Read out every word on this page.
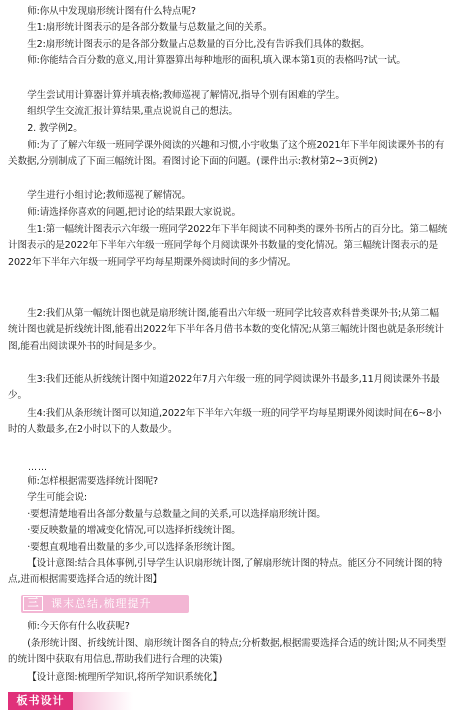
师:你从中发现扇形统计图有什么特点呢?
生1:扇形统计图表示的是各部分数量与总数量之间的关系。
生2:扇形统计图表示的是各部分数量占总数量的百分比,没有告诉我们具体的数据。
师:你能结合百分数的意义,用计算器算出每种地形的面积,填入课本第1页的表格吗?试一试。
学生尝试用计算器计算并填表格;教师巡视了解情况,指导个别有困难的学生。
组织学生交流汇报计算结果,重点说说自己的想法。
2. 教学例2。
师:为了了解六年级一班同学课外阅读的兴趣和习惯,小宇收集了这个班2021年下半年阅读课外书的有关数据,分别制成了下面三幅统计图。看图讨论下面的问题。(课件出示:教材第2~3页例2)
学生进行小组讨论;教师巡视了解情况。
师:请选择你喜欢的问题,把讨论的结果跟大家说说。
生1:第一幅统计图表示六年级一班同学2022年下半年阅读不同种类的课外书所占的百分比。第二幅统计图表示的是2022年下半年六年级一班同学每个月阅读课外书数量的变化情况。第三幅统计图表示的是2022年下半年六年级一班同学平均每星期课外阅读时间的多少情况。
生2:我们从第一幅统计图也就是扇形统计图,能看出六年级一班同学比较喜欢科普类课外书;从第二幅统计图也就是折线统计图,能看出2022年下半年各月借书本数的变化情况;从第三幅统计图也就是条形统计图,能看出阅读课外书的时间是多少。
生3:我们还能从折线统计图中知道2022年7月六年级一班的同学阅读课外书最多,11月阅读课外书最少。
生4:我们从条形统计图可以知道,2022年下半年六年级一班的同学平均每星期课外阅读时间在6~8小时的人数最多,在2小时以下的人数最少。
……
师:怎样根据需要选择统计图呢?
学生可能会说:
·要想清楚地看出各部分数量与总数量之间的关系,可以选择扇形统计图。
·要反映数量的增减变化情况,可以选择折线统计图。
·要想直观地看出数量的多少,可以选择条形统计图。
【设计意图:结合具体事例,引导学生认识扇形统计图,了解扇形统计图的特点。能区分不同统计图的特点,进而根据需要选择合适的统计图】
三	课末总结,梳理提升
师:今天你有什么收获呢?
(条形统计图、折线统计图、扇形统计图各自的特点;分析数据,根据需要选择合适的统计图;从不同类型的统计图中获取有用信息,帮助我们进行合理的决策)
【设计意图:梳理所学知识,将所学知识系统化】
板书设计
